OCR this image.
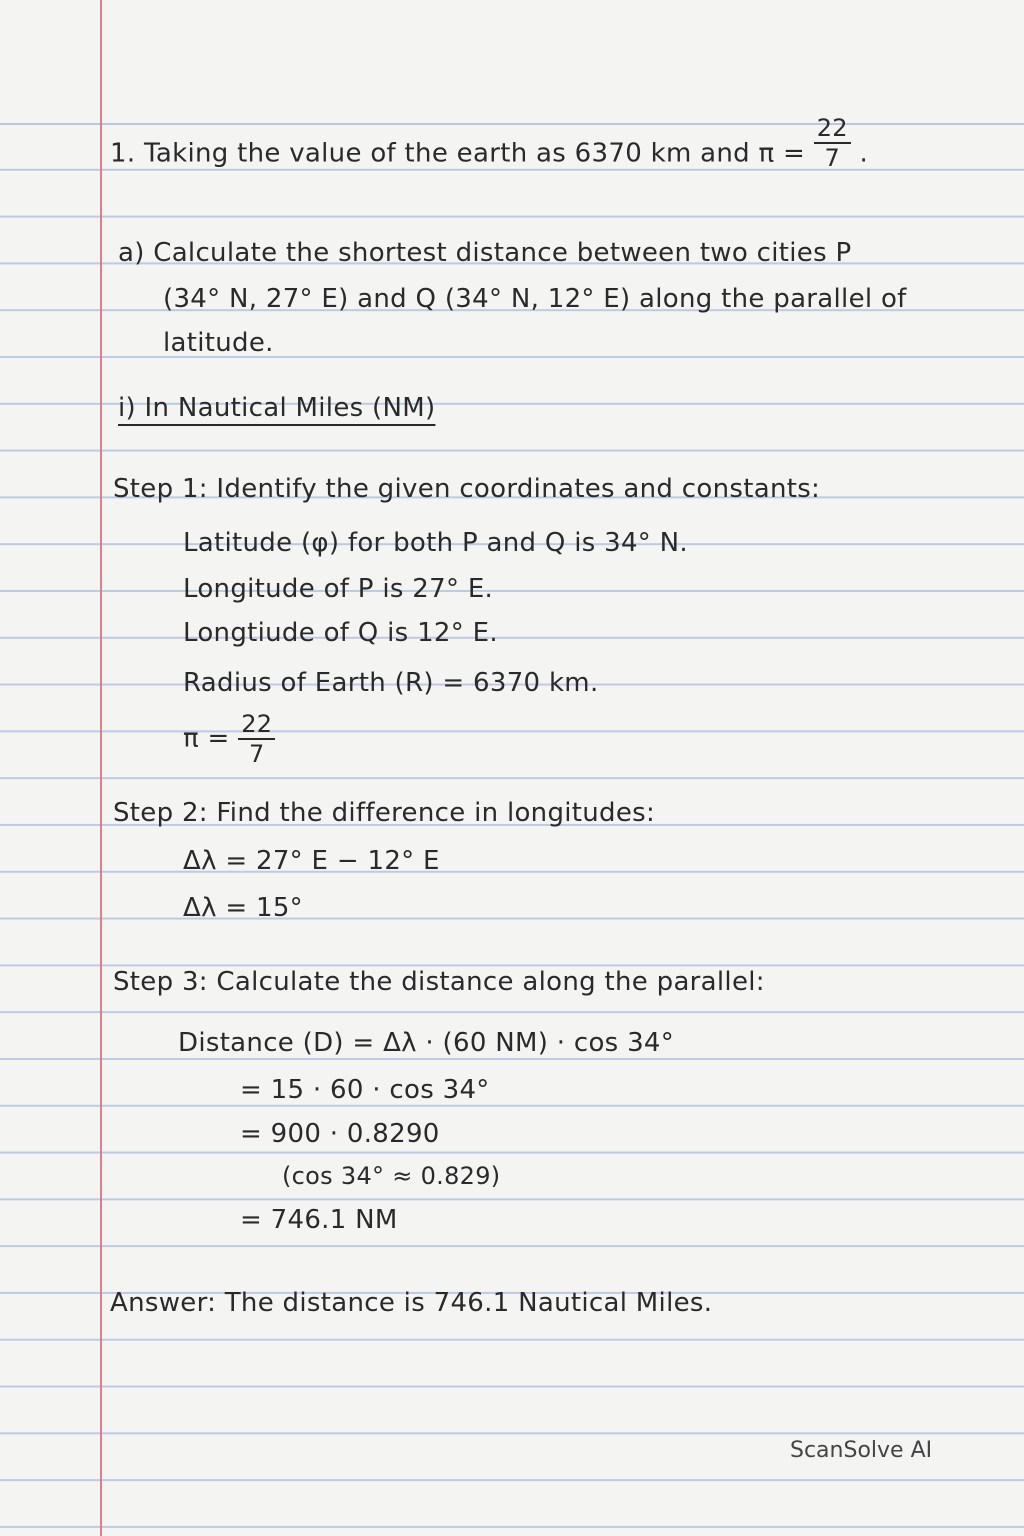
1. Taking the value of the earth as 6370 km and $\pi = \frac{22}{7}$ .
a) Calculate the shortest distance between two cities P
(34° N, 27° E) and Q (34° N, 12° E) along the parallel of
latitude.
i) In Nautical Miles (NM)
Step 1: Identify the given coordinates and constants:
Latitude (φ) for both P and Q is 34° N.
Longitude of P is 27° E.
Longtiude of Q is 12° E.
Radius of Earth (R) = 6370 km.
$\pi = \frac{22}{7}$
Step 2: Find the difference in longitudes:
Δλ = 27° E − 12° E
Δλ = 15°
Step 3: Calculate the distance along the parallel:
Distance (D) = Δλ · (60 NM) · cos 34°
= 15 · 60 · cos 34°
= 900 · 0.8290
(cos 34° ≈ 0.829)
= 746.1 NM
Answer: The distance is 746.1 Nautical Miles.
ScanSolve AI
